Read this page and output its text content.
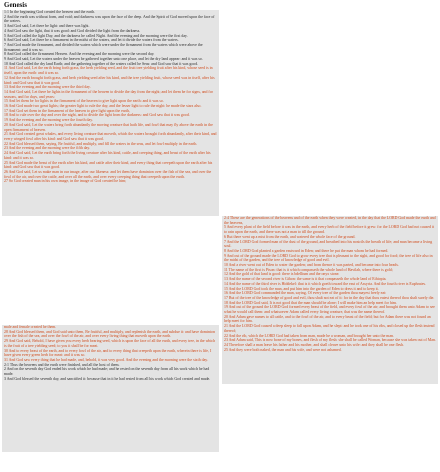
Genesis

1:1 In the beginning God created the heaven and the earth.

2 And the earth was without form, and void; and darkness was upon the face of the deep. And the Spirit of God moved upon the face of the waters.

3 And God said, Let there be light: and there was light.

4 And God saw the light, that it was good: and God divided the light from the darkness.

5 And God called the light Day, and the darkness he called Night. And the evening and the morning were the first day.

6 And God said, Let there be a firmament in the midst of the waters, and let it divide the waters from the waters.

7 And God made the firmament, and divided the waters which were under the firmament from the waters which were above the firmament: and it was so.

8 And God called the firmament Heaven. And the evening and the morning were the second day.

9 And God said, Let the waters under the heaven be gathered together unto one place, and let the dry land appear: and it was so.

10 And God called the dry land Earth; and the gathering together of the waters called he Seas: and God saw that it was good.

11 And God said, Let the earth bring forth grass, the herb yielding seed, and the fruit tree yielding fruit after his kind, whose seed is in itself, upon the earth: and it was so.

12 And the earth brought forth grass, and herb yielding seed after his kind, and the tree yielding fruit, whose seed was in itself, after his kind: and God saw that it was good.

13 And the evening and the morning were the third day.

14 And God said, Let there be lights in the firmament of the heaven to divide the day from the night; and let them be for signs, and for seasons, and for days, and years:

15 And let them be for lights in the firmament of the heaven to give light upon the earth: and it was so.

16 And God made two great lights; the greater light to rule the day, and the lesser light to rule the night: he made the stars also.

17 And God set them in the firmament of the heaven to give light upon the earth,

18 And to rule over the day and over the night, and to divide the light from the darkness: and God saw that it was good.

19 And the evening and the morning were the fourth day.

20 And God said, Let the waters bring forth abundantly the moving creature that hath life, and fowl that may fly above the earth in the open firmament of heaven.

21 And God created great whales, and every living creature that moveth, which the waters brought forth abundantly, after their kind, and every winged fowl after his kind: and God saw that it was good.

22 And God blessed them, saying, Be fruitful, and multiply, and fill the waters in the seas, and let fowl multiply in the earth.

23 And the evening and the morning were the fifth day.

24 And God said, Let the earth bring forth the living creature after his kind, cattle, and creeping thing, and beast of the earth after his kind: and it was so.

25 And God made the beast of the earth after his kind, and cattle after their kind, and every thing that creepeth upon the earth after his kind: and God saw that it was good.

26 And God said, Let us make man in our image, after our likeness: and let them have dominion over the fish of the sea, and over the fowl of the air, and over the cattle, and over all the earth, and over every creeping thing that creepeth upon the earth.

27 So God created man in his own image, in the image of God created he him;

male and female created he them.

28 And God blessed them, and God said unto them, Be fruitful, and multiply, and replenish the earth, and subdue it: and have dominion over the fish of the sea, and over the fowl of the air, and over every living thing that moveth upon the earth.

29 And God said, Behold, I have given you every herb bearing seed, which is upon the face of all the earth, and every tree, in the which is the fruit of a tree yielding seed; to you it shall be for meat.

30 And to every beast of the earth, and to every fowl of the air, and to every thing that creepeth upon the earth, wherein there is life, I have given every green herb for meat: and it was so.

31 And God saw every thing that he had made, and, behold, it was very good. And the evening and the morning were the sixth day.

2:1 Thus the heavens and the earth were finished, and all the host of them.

2 And on the seventh day God ended his work which he had made; and he rested on the seventh day from all his work which he had made.

3 And God blessed the seventh day, and sanctified it: because that in it he had rested from all his work which God created and made.

2:4 These are the generations of the heavens and of the earth when they were created, in the day that the LORD God made the earth and the heavens,

5 And every plant of the field before it was in the earth, and every herb of the field before it grew: for the LORD God had not caused it to rain upon the earth, and there was not a man to till the ground.

6 But there went up a mist from the earth, and watered the whole face of the ground.

7 And the LORD God formed man of the dust of the ground, and breathed into his nostrils the breath of life; and man became a living soul.

8 And the LORD God planted a garden eastward in Eden; and there he put the man whom he had formed.

9 And out of the ground made the LORD God to grow every tree that is pleasant to the sight, and good for food; the tree of life also in the midst of the garden, and the tree of knowledge of good and evil.

10 And a river went out of Eden to water the garden; and from thence it was parted, and became into four heads.

11 The name of the first is Pison: that is it which compasseth the whole land of Havilah, where there is gold;

12 And the gold of that land is good: there is bdellium and the onyx stone.

13 And the name of the second river is Gihon: the same is it that compasseth the whole land of Ethiopia.

14 And the name of the third river is Hiddekel: that is it which goeth toward the east of Assyria. And the fourth river is Euphrates.

15 And the LORD God took the man, and put him into the garden of Eden to dress it and to keep it.

16 And the LORD God commanded the man, saying, Of every tree of the garden thou mayest freely eat:

17 But of the tree of the knowledge of good and evil, thou shalt not eat of it: for in the day that thou eatest thereof thou shalt surely die.

18 And the LORD God said, It is not good that the man should be alone; I will make him an help meet for him.

19 And out of the ground the LORD God formed every beast of the field, and every fowl of the air; and brought them unto Adam to see what he would call them: and whatsoever Adam called every living creature, that was the name thereof.

20 And Adam gave names to all cattle, and to the fowl of the air, and to every beast of the field; but for Adam there was not found an help meet for him.

21 And the LORD God caused a deep sleep to fall upon Adam, and he slept: and he took one of his ribs, and closed up the flesh instead thereof;

22 And the rib, which the LORD God had taken from man, made he a woman, and brought her unto the man.

23 And Adam said, This is now bone of my bones, and flesh of my flesh: she shall be called Woman, because she was taken out of Man.

24 Therefore shall a man leave his father and his mother, and shall cleave unto his wife: and they shall be one flesh.

25 And they were both naked, the man and his wife, and were not ashamed.
